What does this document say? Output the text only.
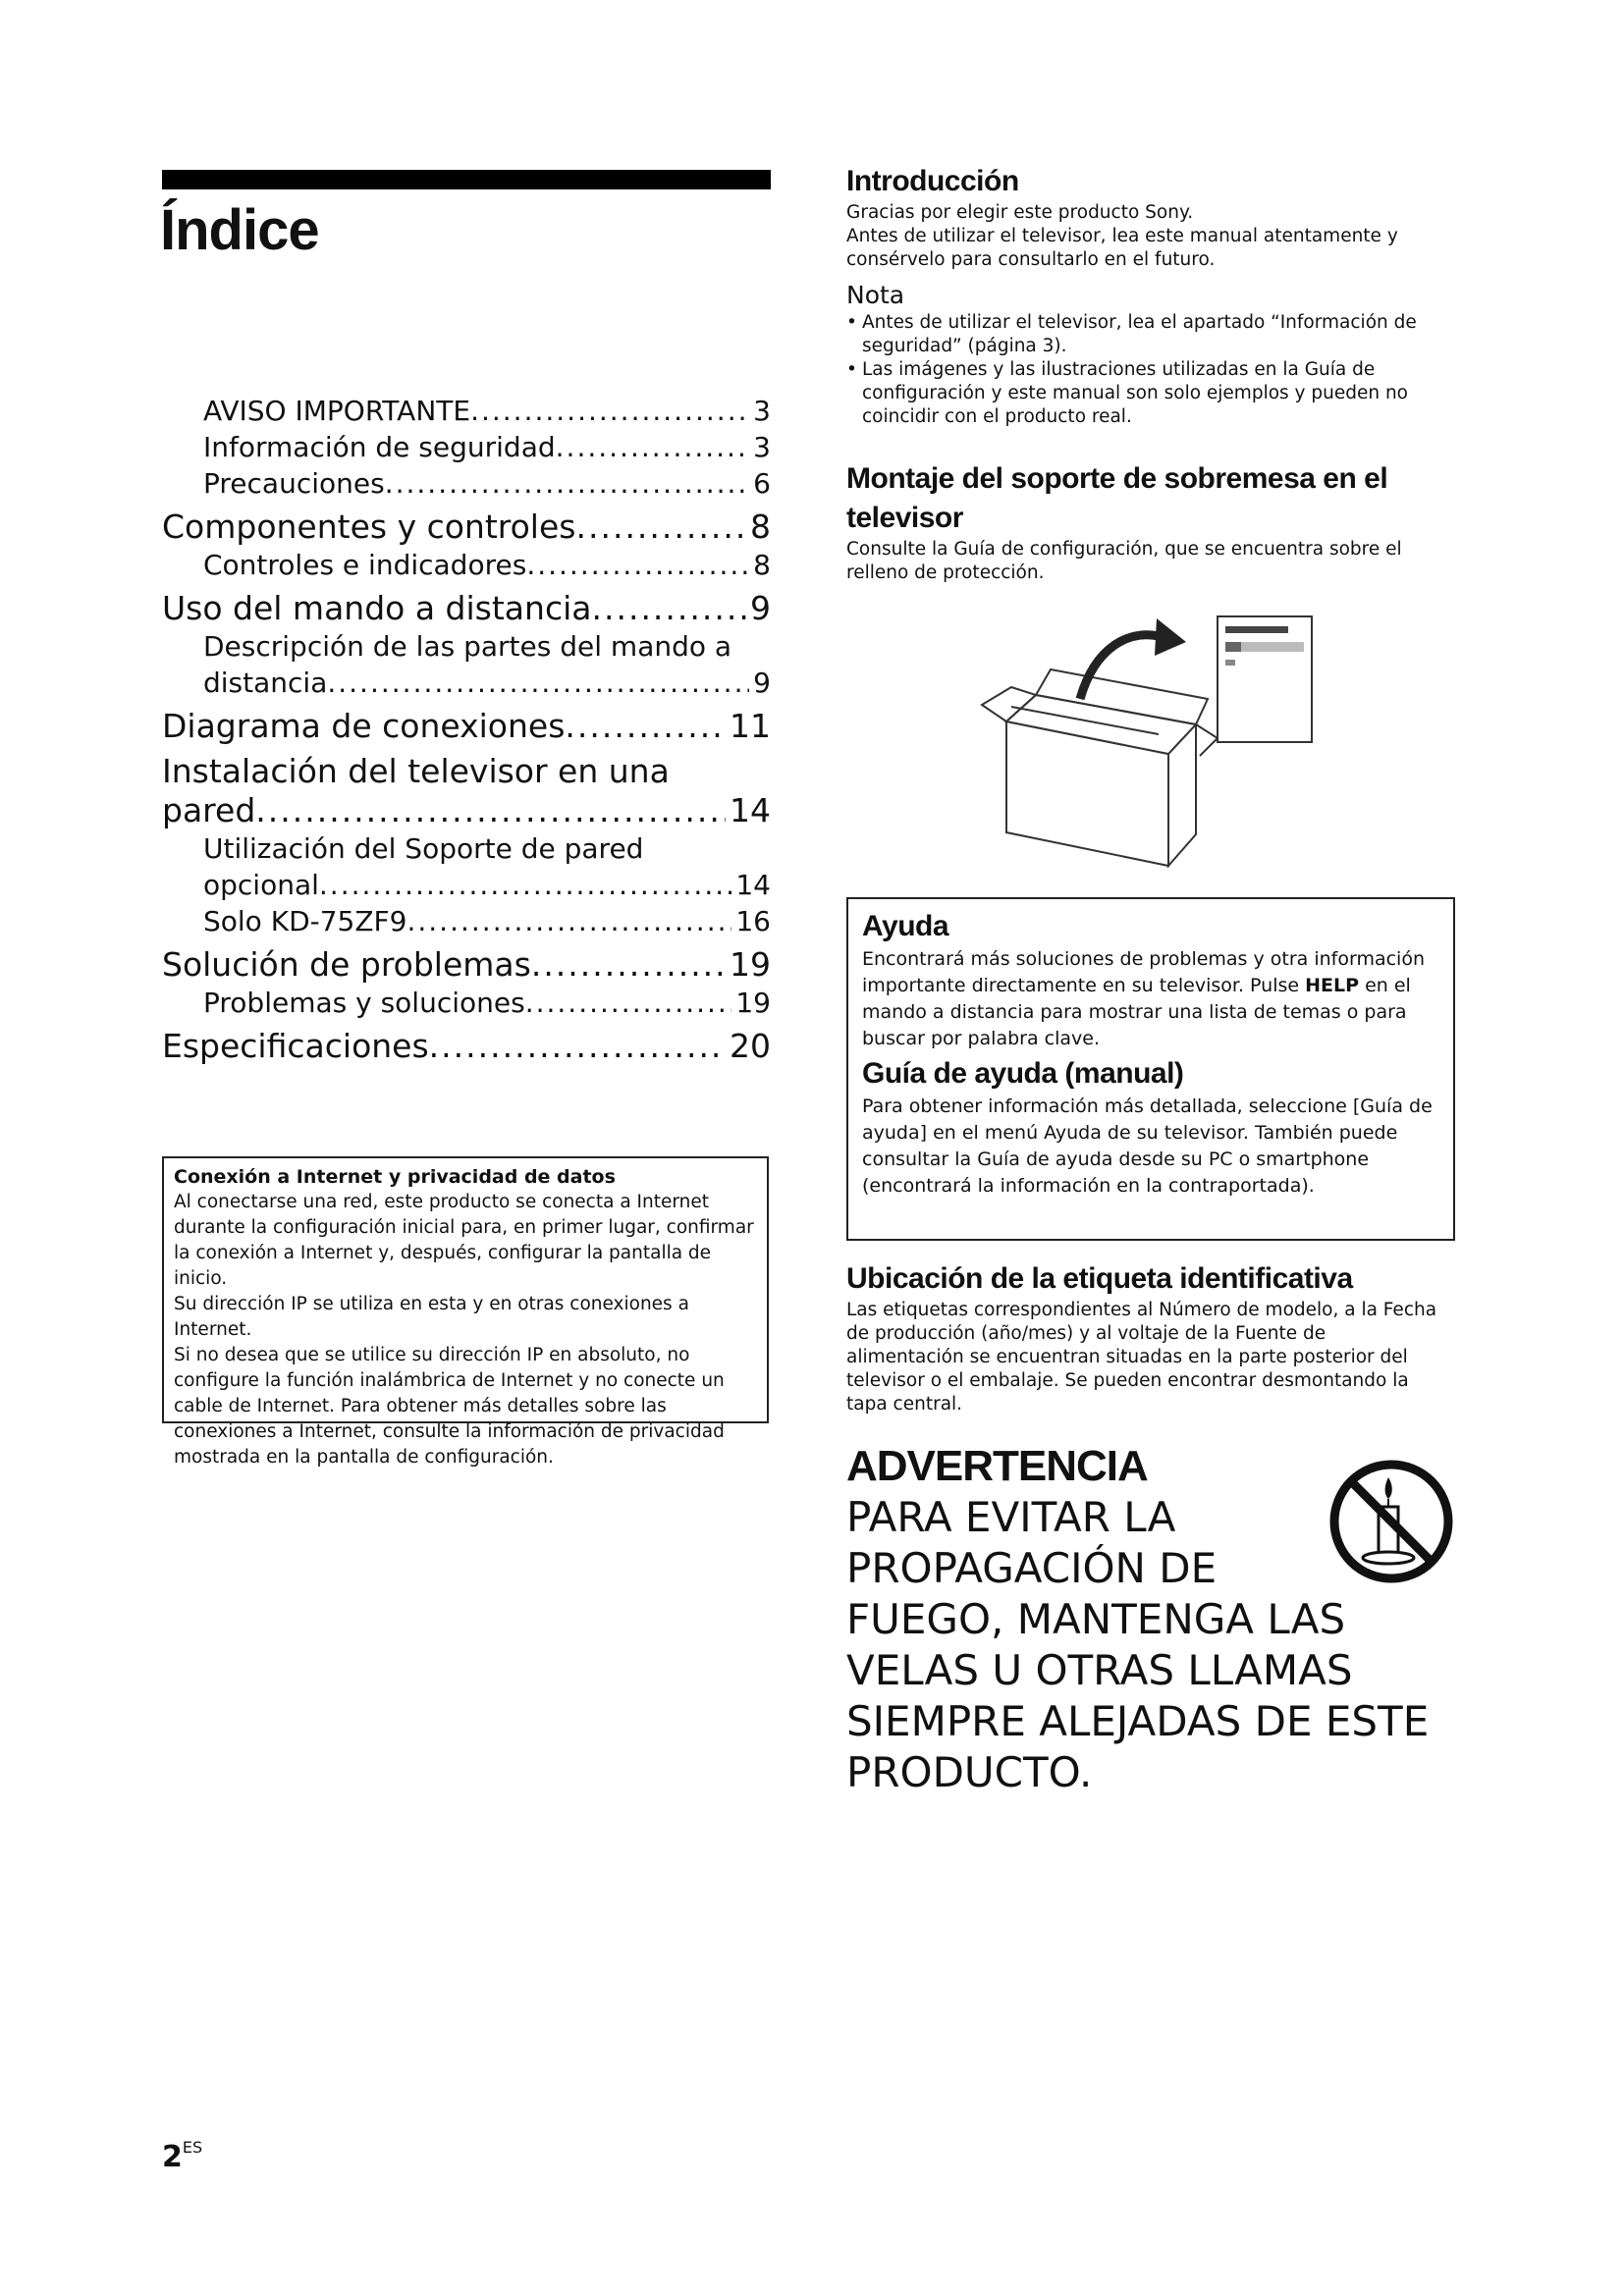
Índice
AVISO IMPORTANTE .....	3
Información de seguridad .....	3
Precauciones .....	6
Componentes y controles .....	8
Controles e indicadores .....	8
Uso del mando a distancia .....	9
Descripción de las partes del mando a
distancia .....	9
Diagrama de conexiones .....	11
Instalación del televisor en una
pared .....	14
Utilización del Soporte de pared
opcional .....	14
Solo KD-75ZF9 .....	16
Solución de problemas .....	19
Problemas y soluciones .....	19
Especificaciones .....	20
Conexión a Internet y privacidad de datos
Al conectarse una red, este producto se conecta a Internet
durante la configuración inicial para, en primer lugar, confirmar
la conexión a Internet y, después, configurar la pantalla de inicio.
Su dirección IP se utiliza en esta y en otras conexiones a Internet.
Si no desea que se utilice su dirección IP en absoluto, no
configure la función inalámbrica de Internet y no conecte un
cable de Internet. Para obtener más detalles sobre las
conexiones a Internet, consulte la información de privacidad
mostrada en la pantalla de configuración.
$2^{ES}$
Introducción
Gracias por elegir este producto Sony.
Antes de utilizar el televisor, lea este manual atentamente y
consérvelo para consultarlo en el futuro.
Nota
• Antes de utilizar el televisor, lea el apartado “Información de seguridad” (página 3).
• Las imágenes y las ilustraciones utilizadas en la Guía de configuración y este manual son solo ejemplos y pueden no coincidir con el producto real.
Montaje del soporte de sobremesa en el
televisor
Consulte la Guía de configuración, que se encuentra sobre el
relleno de protección.
Ayuda
Encontrará más soluciones de problemas y otra información
importante directamente en su televisor. Pulse HELP en el
mando a distancia para mostrar una lista de temas o para
buscar por palabra clave.
Guía de ayuda (manual)
Para obtener información más detallada, seleccione [Guía de
ayuda] en el menú Ayuda de su televisor. También puede
consultar la Guía de ayuda desde su PC o smartphone
(encontrará la información en la contraportada).
Ubicación de la etiqueta identificativa
Las etiquetas correspondientes al Número de modelo, a la Fecha
de producción (año/mes) y al voltaje de la Fuente de
alimentación se encuentran situadas en la parte posterior del
televisor o el embalaje. Se pueden encontrar desmontando la
tapa central.
ADVERTENCIA
PARA EVITAR LA
PROPAGACIÓN DE
FUEGO, MANTENGA LAS
VELAS U OTRAS LLAMAS
SIEMPRE ALEJADAS DE ESTE
PRODUCTO.
